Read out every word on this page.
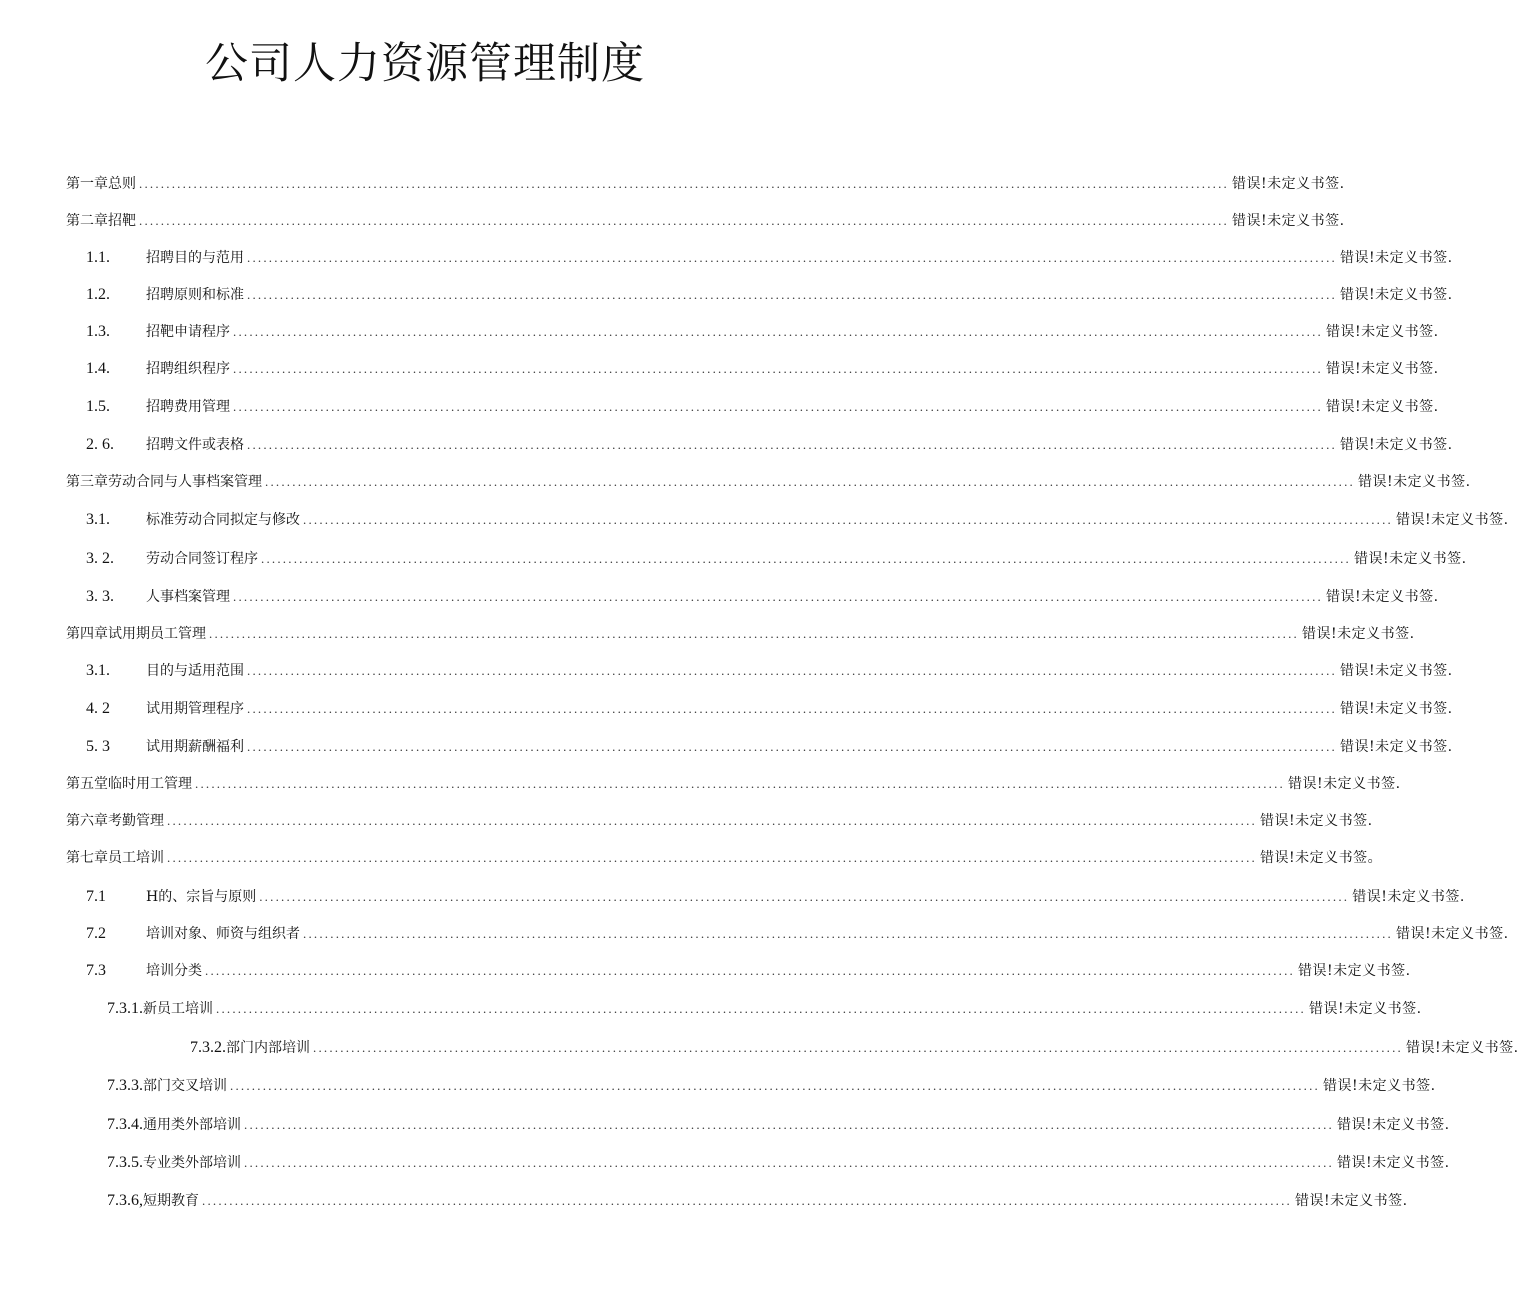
公司人力资源管理制度
第一章总则 ........................................................................................................................................................................................................ 错误!未定义书签.
第二章招靶 ........................................................................................................................................................................................................ 错误!未定义书签.
1.1.	招聘目的与范用 ........................................................................................................................................................................................................ 错误!未定义书签.
1.2.	招聘原则和标准 ........................................................................................................................................................................................................ 错误!未定义书签.
1.3.	招靶申请程序 ........................................................................................................................................................................................................ 错误!未定义书签.
1.4.	招聘组织程序 ........................................................................................................................................................................................................ 错误!未定义书签.
1.5.	招聘费用管理 ........................................................................................................................................................................................................ 错误!未定义书签.
2. 6.	招聘文件或表格 ........................................................................................................................................................................................................ 错误!未定义书签.
第三章劳动合同与人事档案管理 ........................................................................................................................................................................................................ 错误!未定义书签.
3.1.	标准劳动合同拟定与修改 ........................................................................................................................................................................................................ 错误!未定义书签.
3. 2.	劳动合同签订程序 ........................................................................................................................................................................................................ 错误!未定义书签.
3. 3.	人事档案管理 ........................................................................................................................................................................................................ 错误!未定义书签.
第四章试用期员工管理 ........................................................................................................................................................................................................ 错误!未定义书签.
3.1.	目的与适用范围 ........................................................................................................................................................................................................ 错误!未定义书签.
4. 2	试用期管理程序 ........................................................................................................................................................................................................ 错误!未定义书签.
5. 3	试用期薪酬福利 ........................................................................................................................................................................................................ 错误!未定义书签.
第五堂临时用工管理 ........................................................................................................................................................................................................ 错误!未定义书签.
第六章考勤管理 ........................................................................................................................................................................................................ 错误!未定义书签.
第七章员工培训 ........................................................................................................................................................................................................ 错误!未定义书签。
7.1	H的、宗旨与原则 ........................................................................................................................................................................................................ 错误!未定义书签.
7.2	培训对象、师资与组织者 ........................................................................................................................................................................................................ 错误!未定义书签.
7.3	培训分类 ........................................................................................................................................................................................................ 错误!未定义书签.
7.3.1. 新员工培训 ........................................................................................................................................................................................................ 错误!未定义书签.
7.3.2. 部门内部培训 ........................................................................................................................................................................................................ 错误!未定义书签.
7.3.3. 部门交叉培训 ........................................................................................................................................................................................................ 错误!未定义书签.
7.3.4. 通用类外部培训 ........................................................................................................................................................................................................ 错误!未定义书签.
7.3.5. 专业类外部培训 ........................................................................................................................................................................................................ 错误!未定义书签.
7.3.6, 短期教育 ........................................................................................................................................................................................................ 错误!未定义书签.
